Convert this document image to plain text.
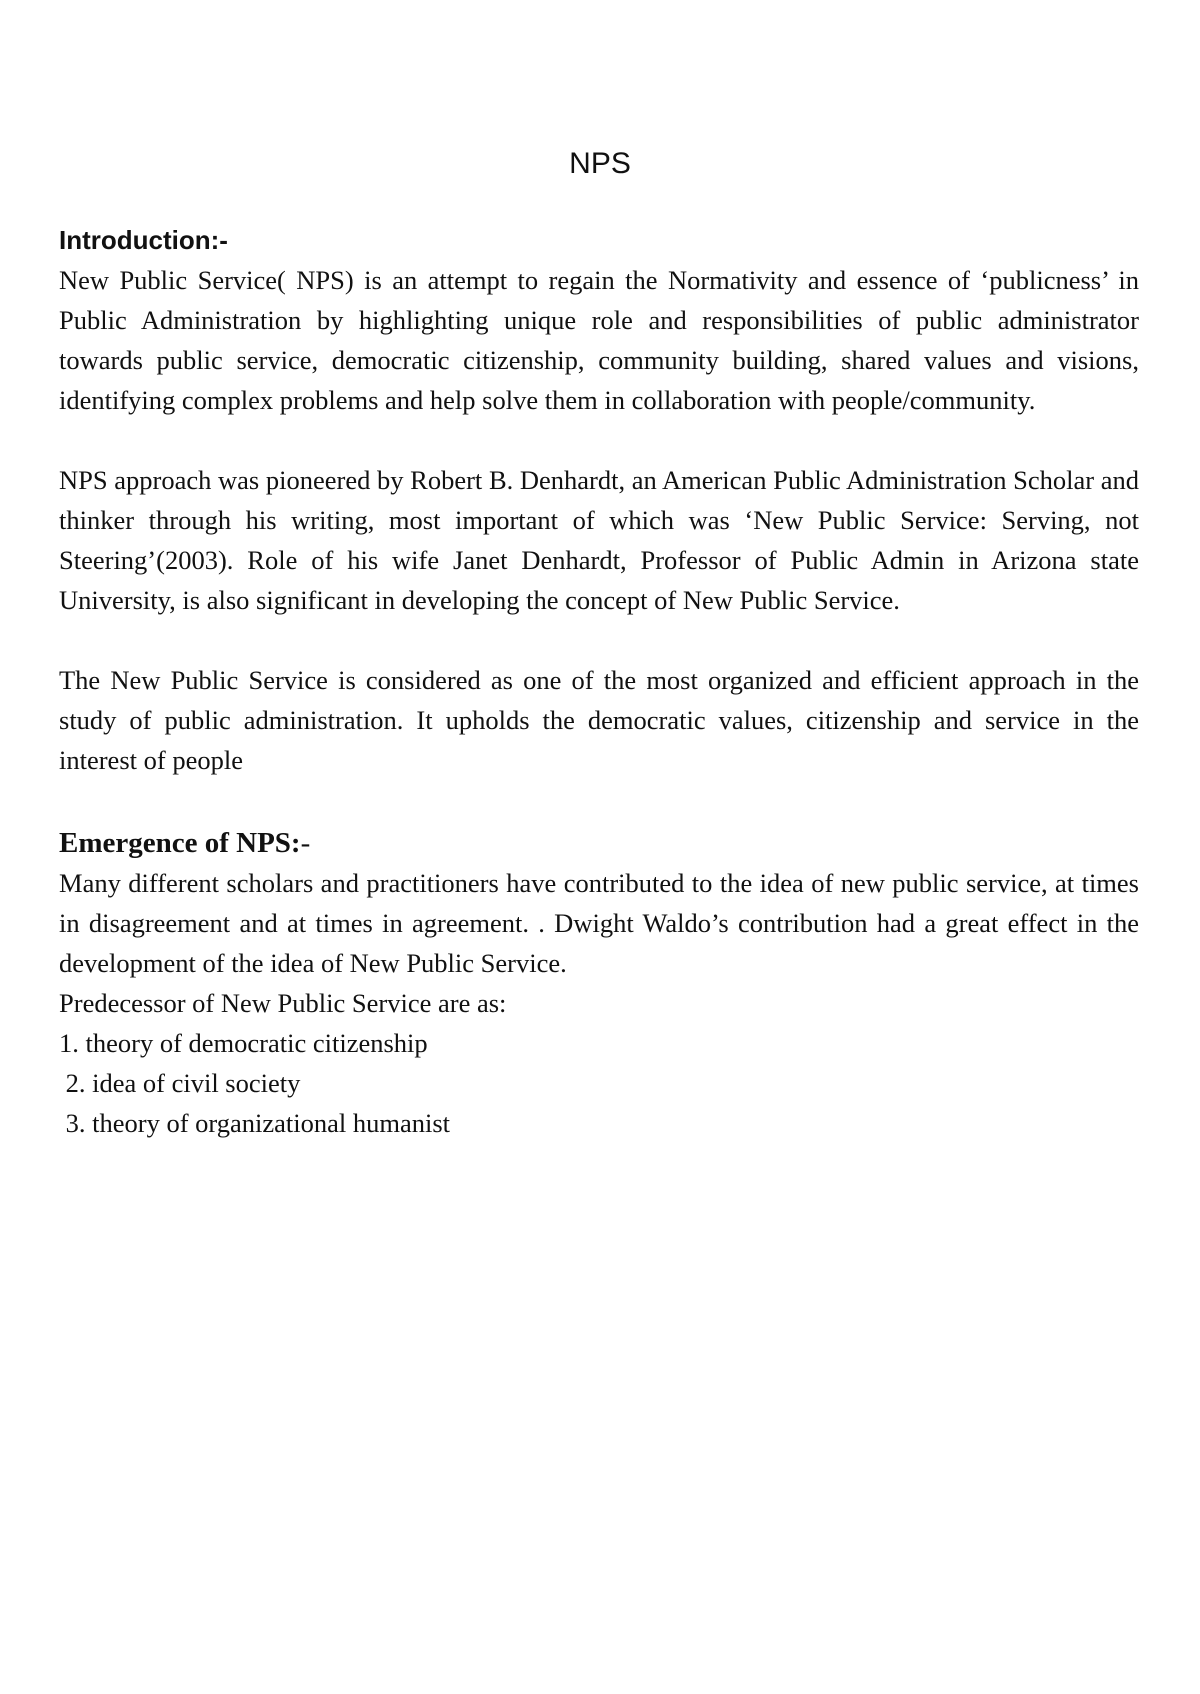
NPS
Introduction:-

New Public Service( NPS) is an attempt to regain the Normativity and essence of ‘publicness’ in Public Administration by highlighting unique role and responsibilities of public administrator towards public service, democratic citizenship, community building, shared values and visions, identifying complex problems and help solve them in collaboration with people/community.

NPS approach was pioneered by Robert B. Denhardt, an American Public Administration Scholar and thinker through his writing, most important of which was ‘New Public Service: Serving, not Steering’(2003). Role of his wife Janet Denhardt, Professor of Public Admin in Arizona state University, is also significant in developing the concept of New Public Service.

The New Public Service is considered as one of the most organized and efficient approach in the study of public administration. It upholds the democratic values, citizenship and service in the interest of people

Emergence of NPS:-

Many different scholars and practitioners have contributed to the idea of new public service, at times in disagreement and at times in agreement. . Dwight Waldo’s contribution had a great effect in the development of the idea of New Public Service.

Predecessor of New Public Service are as:

1. theory of democratic citizenship
2. idea of civil society
3. theory of organizational humanist
